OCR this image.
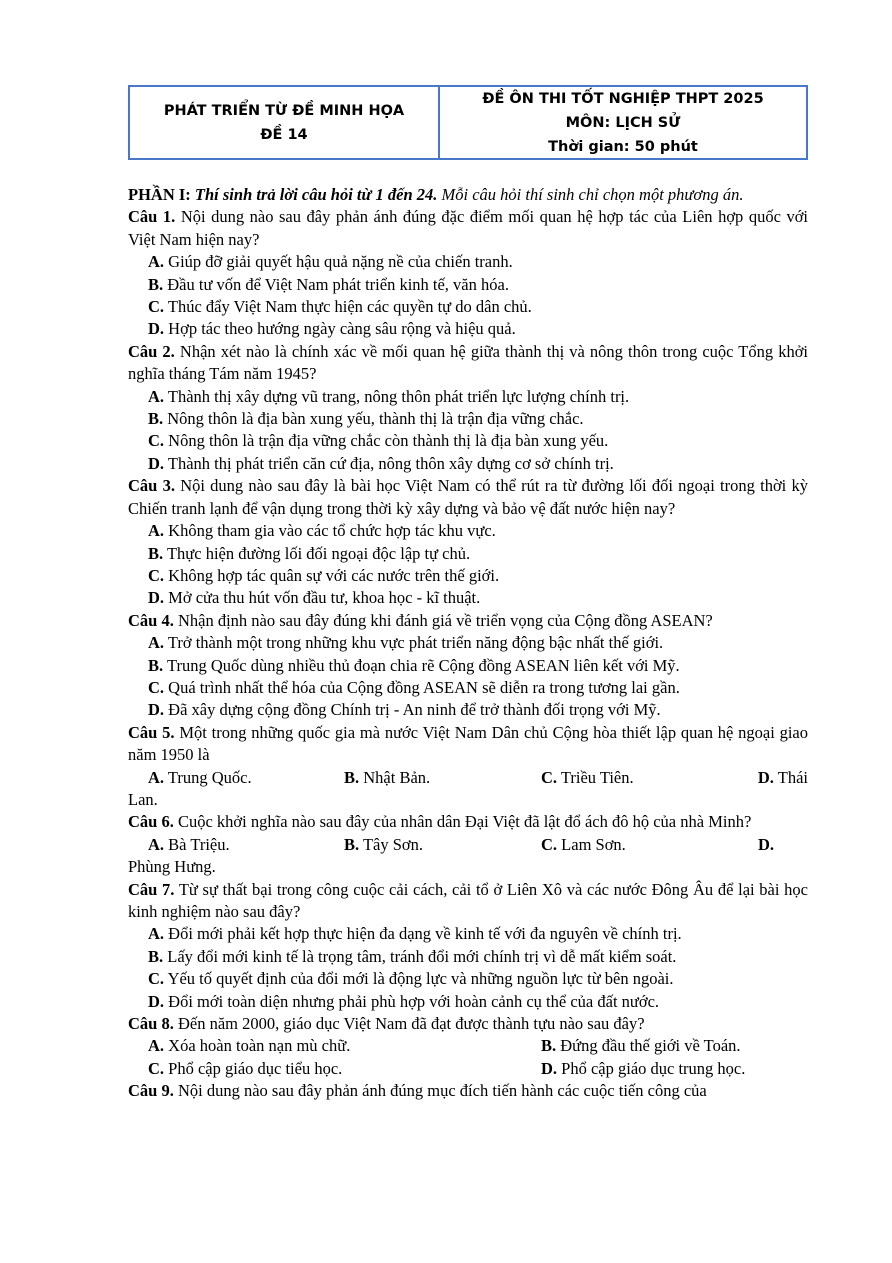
PHÁT TRIỂN TỪ ĐỀ MINH HỌA
ĐỀ 14
ĐỀ ÔN THI TỐT NGHIỆP THPT 2025
MÔN: LỊCH SỬ
Thời gian: 50 phút

PHẦN I: Thí sinh trả lời câu hỏi từ 1 đến 24. Mỗi câu hỏi thí sinh chỉ chọn một phương án.

Câu 1. Nội dung nào sau đây phản ánh đúng đặc điểm mối quan hệ hợp tác của Liên hợp quốc với Việt Nam hiện nay?

A. Giúp đỡ giải quyết hậu quả nặng nề của chiến tranh.

B. Đầu tư vốn để Việt Nam phát triển kinh tế, văn hóa.

C. Thúc đẩy Việt Nam thực hiện các quyền tự do dân chủ.

D. Hợp tác theo hướng ngày càng sâu rộng và hiệu quả.

Câu 2. Nhận xét nào là chính xác về mối quan hệ giữa thành thị và nông thôn trong cuộc Tổng khởi nghĩa tháng Tám năm 1945?

A. Thành thị xây dựng vũ trang, nông thôn phát triển lực lượng chính trị.

B. Nông thôn là địa bàn xung yếu, thành thị là trận địa vững chắc.

C. Nông thôn là trận địa vững chắc còn thành thị là địa bàn xung yếu.

D. Thành thị phát triển căn cứ địa, nông thôn xây dựng cơ sở chính trị.

Câu 3. Nội dung nào sau đây là bài học Việt Nam có thể rút ra từ đường lối đối ngoại trong thời kỳ Chiến tranh lạnh để vận dụng trong thời kỳ xây dựng và bảo vệ đất nước hiện nay?

A. Không tham gia vào các tổ chức hợp tác khu vực.

B. Thực hiện đường lối đối ngoại độc lập tự chủ.

C. Không hợp tác quân sự với các nước trên thế giới.

D. Mở cửa thu hút vốn đầu tư, khoa học - kĩ thuật.

Câu 4. Nhận định nào sau đây đúng khi đánh giá về triển vọng của Cộng đồng ASEAN?

A. Trở thành một trong những khu vực phát triển năng động bậc nhất thế giới.

B. Trung Quốc dùng nhiều thủ đoạn chia rẽ Cộng đồng ASEAN liên kết với Mỹ.

C. Quá trình nhất thể hóa của Cộng đồng ASEAN sẽ diễn ra trong tương lai gần.

D. Đã xây dựng cộng đồng Chính trị - An ninh để trở thành đối trọng với Mỹ.

Câu 5. Một trong những quốc gia mà nước Việt Nam Dân chủ Cộng hòa thiết lập quan hệ ngoại giao năm 1950 là

A. Trung Quốc.	B. Nhật Bản.	C. Triều Tiên.	D. Thái

Lan.

Câu 6. Cuộc khởi nghĩa nào sau đây của nhân dân Đại Việt đã lật đổ ách đô hộ của nhà Minh?

A. Bà Triệu.	B. Tây Sơn.	C. Lam Sơn.	D.

Phùng Hưng.

Câu 7. Từ sự thất bại trong công cuộc cải cách, cải tổ ở Liên Xô và các nước Đông Âu để lại bài học kinh nghiệm nào sau đây?

A. Đổi mới phải kết hợp thực hiện đa dạng về kinh tế với đa nguyên về chính trị.

B. Lấy đổi mới kinh tế là trọng tâm, tránh đổi mới chính trị vì dễ mất kiểm soát.

C. Yếu tố quyết định của đổi mới là động lực và những nguồn lực từ bên ngoài.

D. Đổi mới toàn diện nhưng phải phù hợp với hoàn cảnh cụ thể của đất nước.

Câu 8. Đến năm 2000, giáo dục Việt Nam đã đạt được thành tựu nào sau đây?

A. Xóa hoàn toàn nạn mù chữ.	B. Đứng đầu thế giới về Toán.
C. Phổ cập giáo dục tiểu học.	D. Phổ cập giáo dục trung học.

Câu 9. Nội dung nào sau đây phản ánh đúng mục đích tiến hành các cuộc tiến công của
